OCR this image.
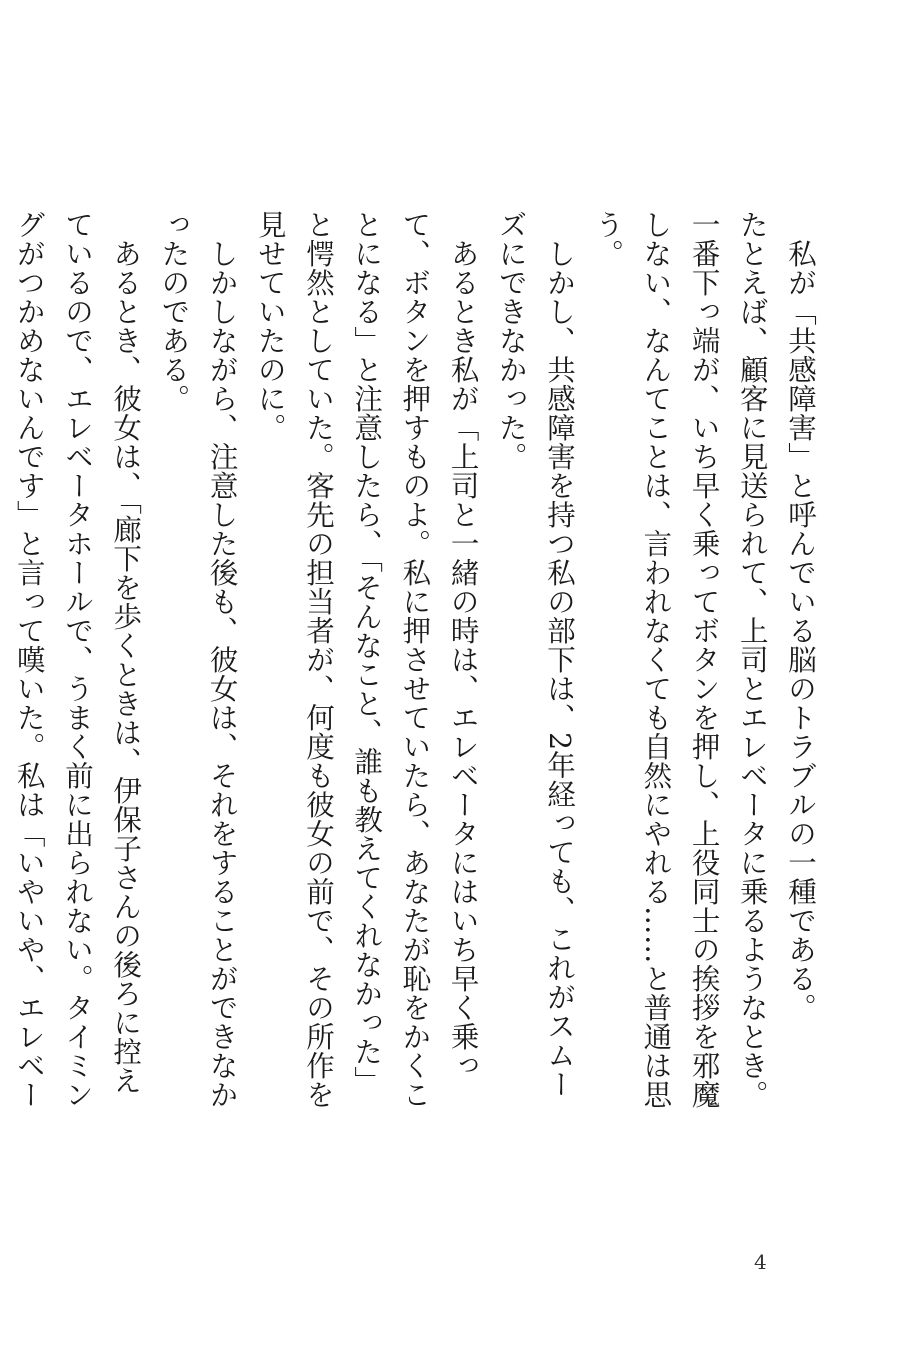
私が「共感障害」と呼んでいる脳のトラブルの一種である。

たとえば、顧客に見送られて、上司とエレベータに乗るようなとき。一番下っ端が、いち早く乗ってボタンを押し、上役同士の挨拶を邪魔しない、なんてことは、言われなくても自然にやれる……と普通は思う。

しかし、共感障害を持つ私の部下は、2年経っても、これがスムーズにできなかった。

あるとき私が「上司と一緒の時は、エレベータにはいち早く乗って、ボタンを押すものよ。私に押させていたら、あなたが恥をかくことになる」と注意したら、「そんなこと、誰も教えてくれなかった」と愕然としていた。客先の担当者が、何度も彼女の前で、その所作を見せていたのに。

しかしながら、注意した後も、彼女は、それをすることができなかったのである。

あるとき、彼女は、「廊下を歩くときは、伊保子さんの後ろに控えているので、エレベータホールで、うまく前に出られない。タイミングがつかめないんです」と言って嘆いた。私は「いやいや、エレベー

4
